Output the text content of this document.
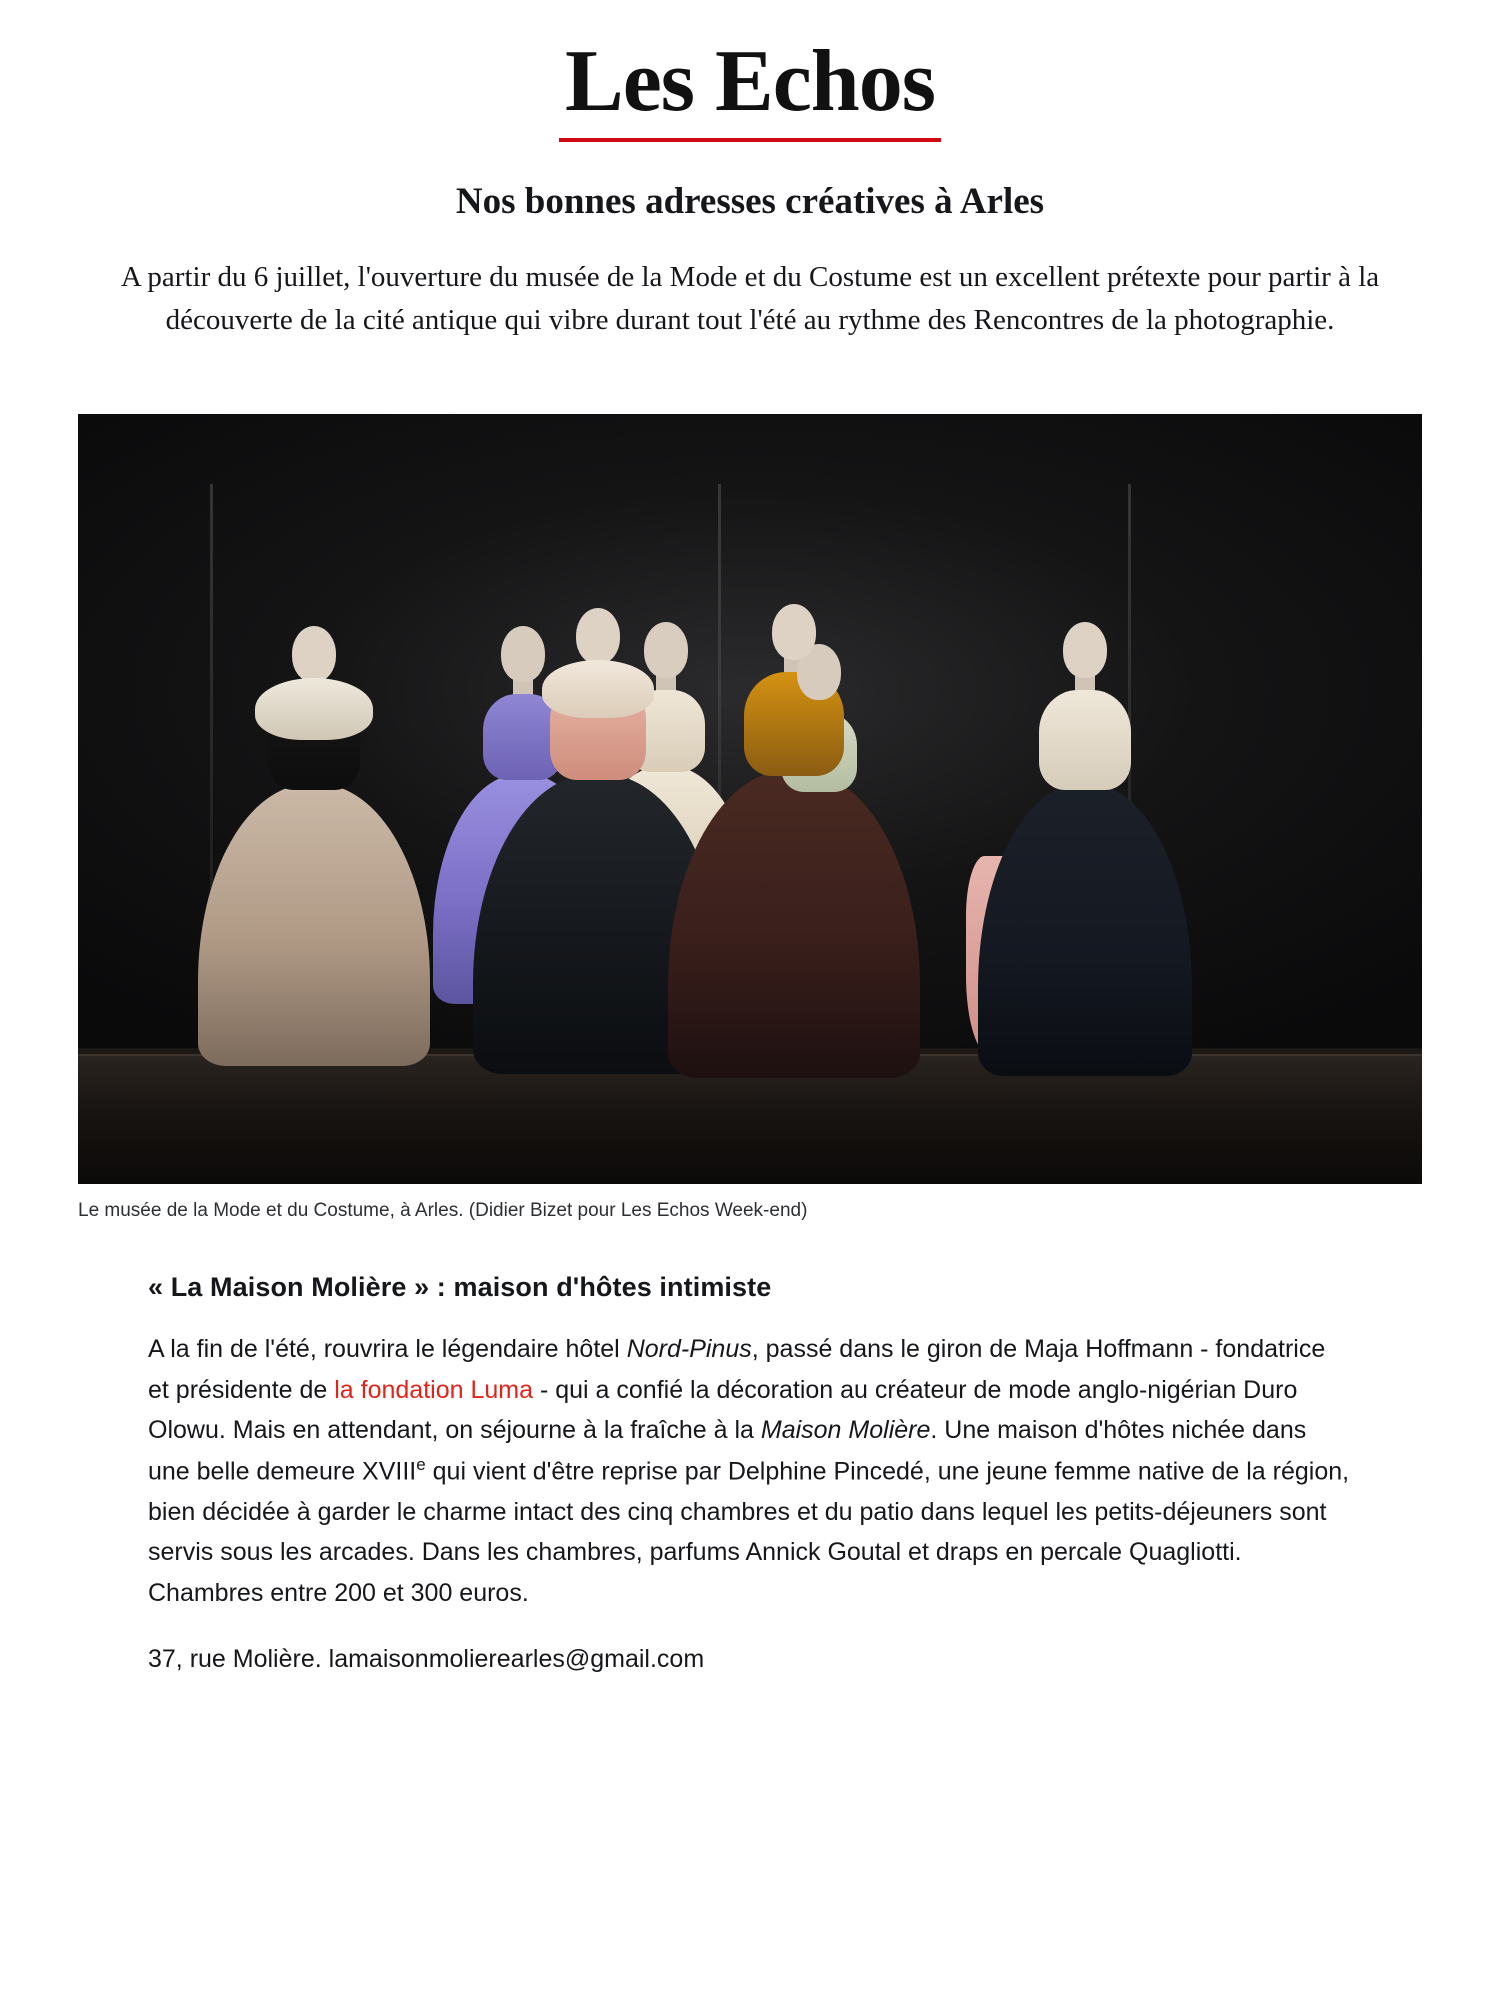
Les Echos
Nos bonnes adresses créatives à Arles

A partir du 6 juillet, l'ouverture du musée de la Mode et du Costume est un excellent prétexte pour partir à la découverte de la cité antique qui vibre durant tout l'été au rythme des Rencontres de la photographie.

Le musée de la Mode et du Costume, à Arles. (Didier Bizet pour Les Echos Week-end)
« La Maison Molière » : maison d'hôtes intimiste

A la fin de l'été, rouvrira le légendaire hôtel Nord-Pinus, passé dans le giron de Maja Hoffmann - fondatrice et présidente de la fondation Luma - qui a confié la décoration au créateur de mode anglo-nigérian Duro Olowu. Mais en attendant, on séjourne à la fraîche à la Maison Molière. Une maison d'hôtes nichée dans une belle demeure XVIIIe qui vient d'être reprise par Delphine Pincedé, une jeune femme native de la région, bien décidée à garder le charme intact des cinq chambres et du patio dans lequel les petits-déjeuners sont servis sous les arcades. Dans les chambres, parfums Annick Goutal et draps en percale Quagliotti. Chambres entre 200 et 300 euros.

37, rue Molière. lamaisonmolierearles@gmail.com
